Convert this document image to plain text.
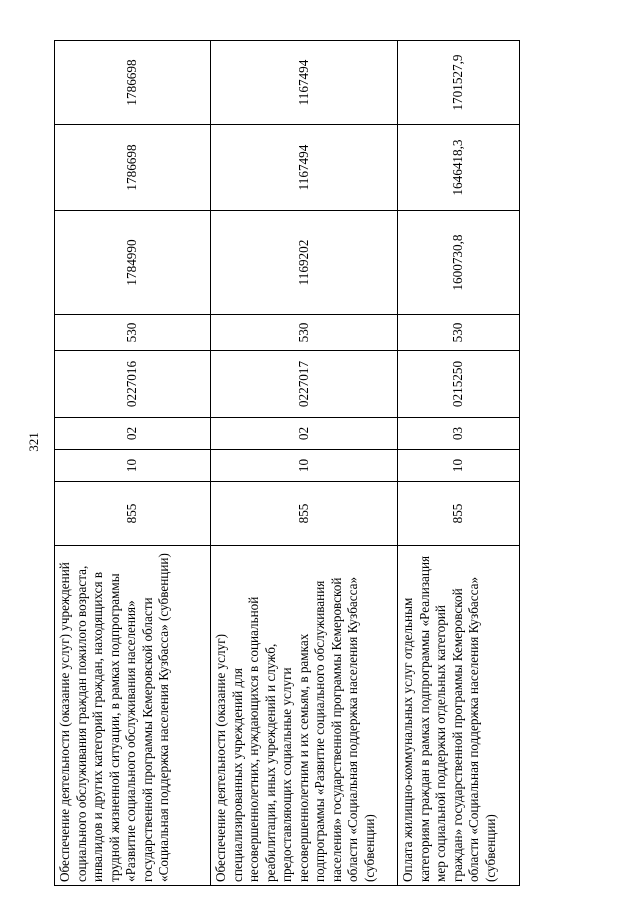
321
Обеспечение деятельности (оказание услуг) учреждений социального обслуживания граждан пожилого возраста, инвалидов и других категорий граждан, находящихся в трудной жизненной ситуации, в рамках подпрограммы «Развитие социального обслуживания населения» государственной программы Кемеровской области «Социальная поддержка населения Кузбасса» (субвенции)	855	10	02	0227016	530	1784990	1786698	1786698
Обеспечение деятельности (оказание услуг) специализированных учреждений для несовершеннолетних, нуждающихся в социальной реабилитации, иных учреждений и служб, предоставляющих социальные услуги несовершеннолетним и их семьям, в рамках подпрограммы «Развитие социального обслуживания населения» государственной программы Кемеровской области «Социальная поддержка населения Кузбасса» (субвенции)	855	10	02	0227017	530	1169202	1167494	1167494
Оплата жилищно-коммунальных услуг отдельным категориям граждан в рамках подпрограммы «Реализация мер социальной поддержки отдельных категорий граждан» государственной программы Кемеровской области «Социальная поддержка населения Кузбасса» (субвенции)	855	10	03	0215250	530	1600730,8	1646418,3	1701527,9
